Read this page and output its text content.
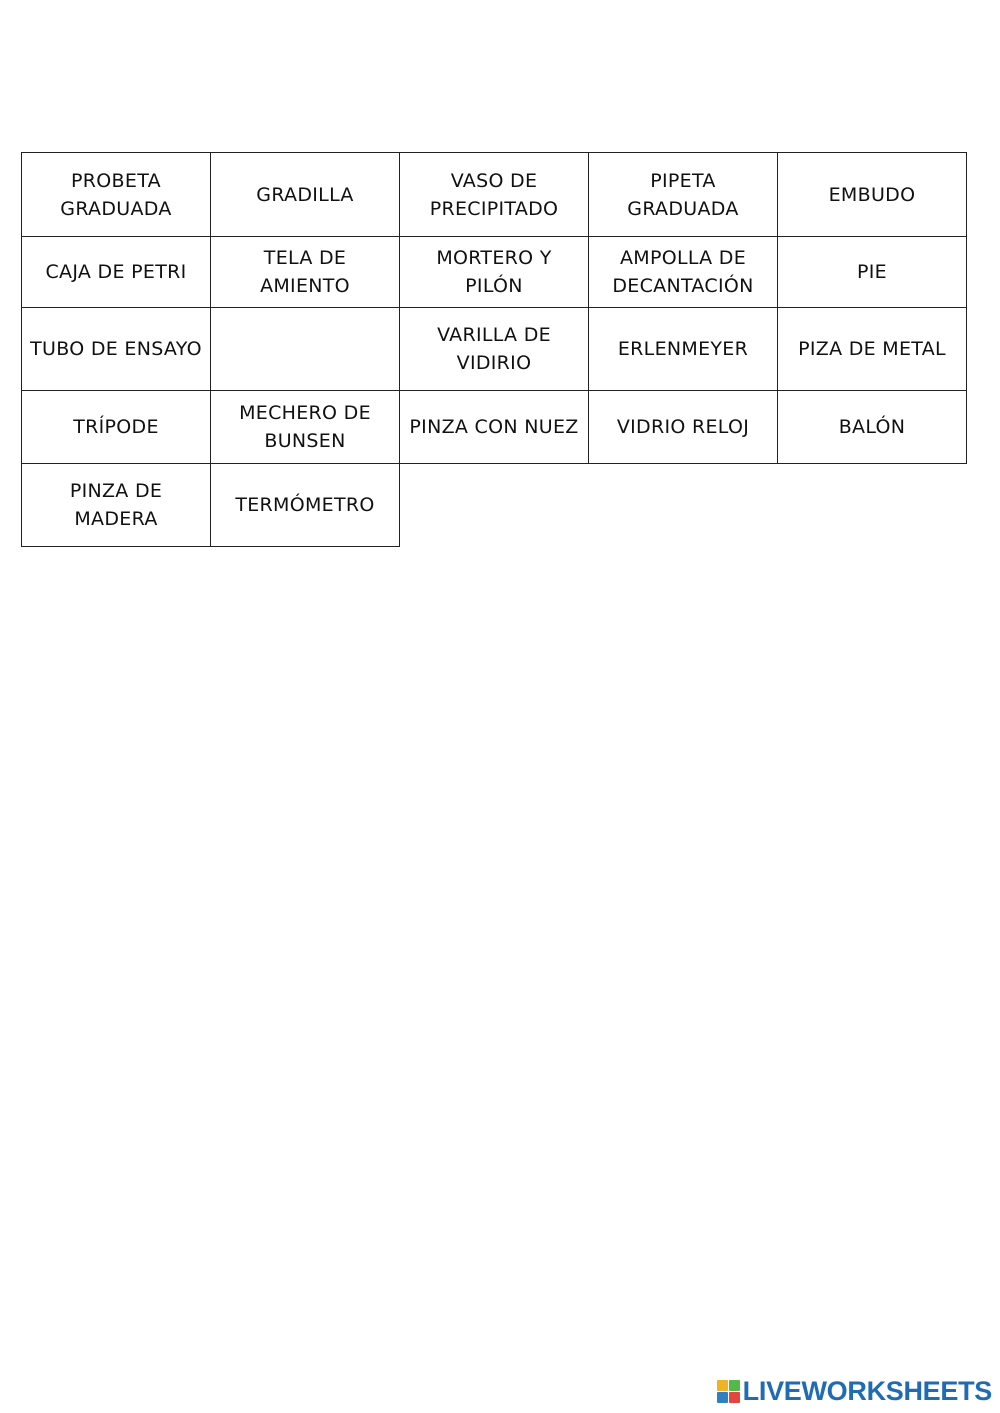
PROBETA GRADUADA	GRADILLA	VASO DE PRECIPITADO	PIPETA GRADUADA	EMBUDO
CAJA DE PETRI	TELA DE AMIENTO	MORTERO Y PILÓN	AMPOLLA DE DECANTACIÓN	PIE
TUBO DE ENSAYO		VARILLA DE VIDIRIO	ERLENMEYER	PIZA DE METAL
TRÍPODE	MECHERO DE BUNSEN	PINZA CON NUEZ	VIDRIO RELOJ	BALÓN
PINZA DE MADERA	TERMÓMETRO			
LIVEWORKSHEETS
